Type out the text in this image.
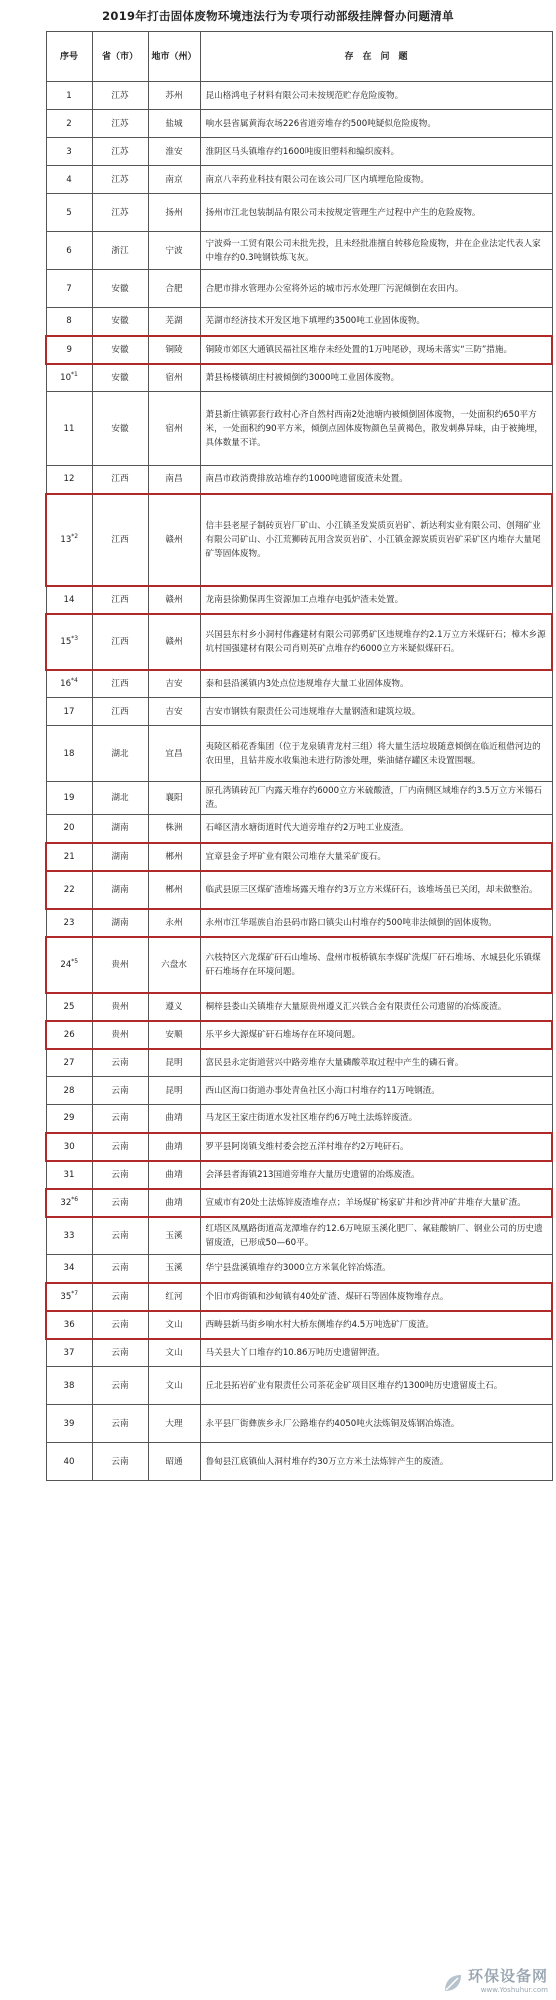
2019年打击固体废物环境违法行为专项行动部级挂牌督办问题清单
序号	省（市）	地市（州）	存　在　问　题
1	江苏	苏州	昆山格鸿电子材料有限公司未按规范贮存危险废物。
2	江苏	盐城	响水县省属黄海农场226省道旁堆存约500吨疑似危险废物。
3	江苏	淮安	淮阴区马头镇堆存约1600吨废旧塑料和编织废料。
4	江苏	南京	南京八幸药业科技有限公司在该公司厂区内填埋危险废物。
5	江苏	扬州	扬州市江北包装制品有限公司未按规定管理生产过程中产生的危险废物。
6	浙江	宁波	宁波舜一工贸有限公司未批先投，且未经批准擅自转移危险废物，并在企业法定代表人家中堆存约0.3吨钢铁炼飞灰。
7	安徽	合肥	合肥市排水管理办公室将外运的城市污水处理厂污泥倾倒在农田内。
8	安徽	芜湖	芜湖市经济技术开发区地下填埋约3500吨工业固体废物。
9	安徽	铜陵	铜陵市郊区大通镇民福社区堆存未经处置的1万吨尾砂，现场未落实“三防”措施。
10$^{*1}$	安徽	宿州	萧县杨楼镇胡庄村被倾倒约3000吨工业固体废物。
11	安徽	宿州	萧县新庄镇郭套行政村心齐自然村西南2处池塘内被倾倒固体废物，一处面积约650平方米，一处面积约90平方米，倾倒点固体废物颜色呈黄褐色，散发刺鼻异味，由于被掩埋，具体数量不详。
12	江西	南昌	南昌市政消费排放站堆存约1000吨遗留废渣未处置。
13$^{*2}$	江西	赣州	信丰县老屋子制砖页岩厂矿山、小江镇圣发炭质页岩矿、新达利实业有限公司、创翔矿业有限公司矿山、小江荒狮砖瓦用含炭页岩矿、小江镇金源炭质页岩矿采矿区内堆存大量尾矿等固体废物。
14	江西	赣州	龙南县徐勤保再生资源加工点堆存电弧炉渣未处置。
15$^{*3}$	江西	赣州	兴国县东村乡小洞村伟鑫建材有限公司郭勇矿区违规堆存约2.1万立方米煤矸石；樟木乡源坑村国强建材有限公司肖则英矿点堆存约6000立方米疑似煤矸石。
16$^{*4}$	江西	吉安	泰和县沿溪镇内3处点位违规堆存大量工业固体废物。
17	江西	吉安	吉安市钢铁有限责任公司违规堆存大量钢渣和建筑垃圾。
18	湖北	宜昌	夷陵区稻花香集团（位于龙泉镇青龙村三组）将大量生活垃圾随意倾倒在临近租借河边的农田里，且钻井废水收集池未进行防渗处理，柴油储存罐区未设置围堰。
19	湖北	襄阳	原孔湾镇砖瓦厂内露天堆存约6000立方米硫酸渣，厂内南侧区域堆存约3.5万立方米锡石渣。
20	湖南	株洲	石峰区清水塘街道时代大道旁堆存约2万吨工业废渣。
21	湖南	郴州	宜章县金子坪矿业有限公司堆存大量采矿废石。
22	湖南	郴州	临武县原三区煤矿渣堆场露天堆存约3万立方米煤矸石，该堆场虽已关闭，却未做整治。
23	湖南	永州	永州市江华瑶族自治县码市路口镇尖山村堆存约500吨非法倾倒的固体废物。
24$^{*5}$	贵州	六盘水	六枝特区六龙煤矿矸石山堆场、盘州市板桥镇东李煤矿洗煤厂矸石堆场、水城县化乐镇煤矸石堆场存在环境问题。
25	贵州	遵义	桐梓县娄山关镇堆存大量原贵州遵义汇兴铁合金有限责任公司遗留的冶炼废渣。
26	贵州	安顺	乐平乡大源煤矿矸石堆场存在环境问题。
27	云南	昆明	富民县永定街道营兴中路旁堆存大量磷酸萃取过程中产生的磷石膏。
28	云南	昆明	西山区海口街道办事处青鱼社区小海口村堆存约11万吨钢渣。
29	云南	曲靖	马龙区王家庄街道水发社区堆存约6万吨土法炼锌废渣。
30	云南	曲靖	罗平县阿岗镇戈维村委会挖五洋村堆存约2万吨矸石。
31	云南	曲靖	会泽县者海镇213国道旁堆存大量历史遗留的冶炼废渣。
32$^{*6}$	云南	曲靖	宣威市有20处土法炼锌废渣堆存点；羊场煤矿杨家矿井和沙背冲矿井堆存大量矿渣。
33	云南	玉溪	红塔区凤凰路街道高龙潭堆存约12.6万吨原玉溪化肥厂、氟硅酸钠厂、钢业公司的历史遗留废渣，已形成50—60平。
34	云南	玉溪	华宁县盘溪镇堆存约3000立方米氧化锌冶炼渣。
35$^{*7}$	云南	红河	个旧市鸡街镇和沙甸镇有40处矿渣、煤矸石等固体废物堆存点。
36	云南	文山	西畴县新马街乡响水村大桥东侧堆存约4.5万吨选矿厂废渣。
37	云南	文山	马关县大丫口堆存约10.86万吨历史遗留钾渣。
38	云南	文山	丘北县拓岩矿业有限责任公司茶花金矿项目区堆存约1300吨历史遗留废土石。
39	云南	大理	永平县厂街彝族乡永厂公路堆存约4050吨火法炼铜及炼钢冶炼渣。
40	云南	昭通	鲁甸县江底镇仙人洞村堆存约30万立方米土法炼锌产生的废渣。
环保设备网
www.Yoshuhur.com
